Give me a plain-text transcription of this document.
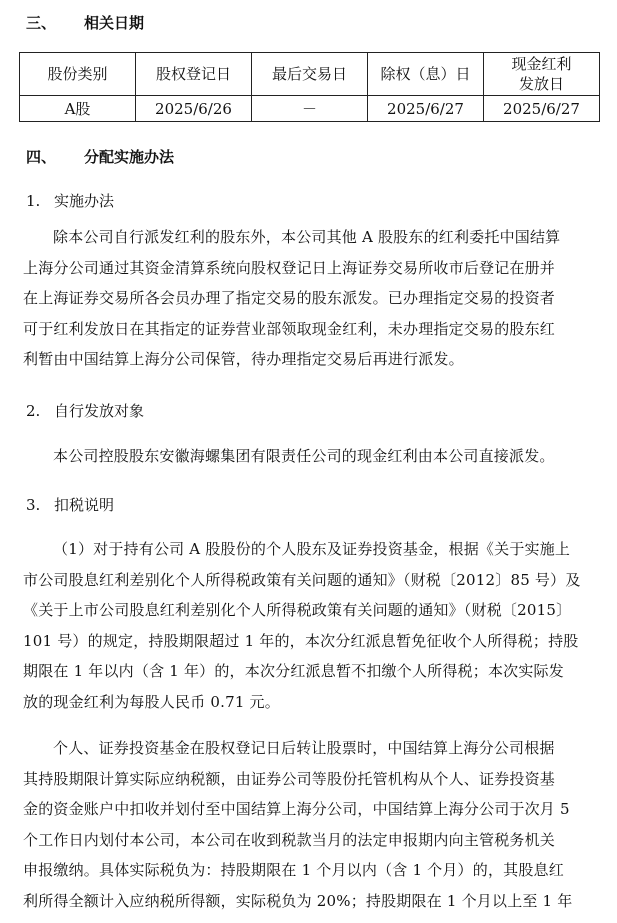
三、 相关日期
股份类别	股权登记日	最后交易日	除权（息）日	现金红利
发放日

A股	2025/6/26	－	2025/6/27	2025/6/27
四、 分配实施办法
1. 实施办法
除本公司自行派发红利的股东外，本公司其他 A 股股东的红利委托中国结算
上海分公司通过其资金清算系统向股权登记日上海证券交易所收市后登记在册并
在上海证券交易所各会员办理了指定交易的股东派发。已办理指定交易的投资者
可于红利发放日在其指定的证券营业部领取现金红利，未办理指定交易的股东红
利暂由中国结算上海分公司保管，待办理指定交易后再进行派发。
2. 自行发放对象
本公司控股股东安徽海螺集团有限责任公司的现金红利由本公司直接派发。
3. 扣税说明
（1）对于持有公司 A 股股份的个人股东及证券投资基金，根据《关于实施上
市公司股息红利差别化个人所得税政策有关问题的通知》（财税〔2012〕85 号）及
《关于上市公司股息红利差别化个人所得税政策有关问题的通知》（财税〔2015〕
101 号）的规定，持股期限超过 1 年的，本次分红派息暂免征收个人所得税；持股
期限在 1 年以内（含 1 年）的，本次分红派息暂不扣缴个人所得税；本次实际发
放的现金红利为每股人民币 0.71 元。
个人、证券投资基金在股权登记日后转让股票时，中国结算上海分公司根据
其持股期限计算实际应纳税额，由证券公司等股份托管机构从个人、证券投资基
金的资金账户中扣收并划付至中国结算上海分公司，中国结算上海分公司于次月 5
个工作日内划付本公司，本公司在收到税款当月的法定申报期内向主管税务机关
申报缴纳。具体实际税负为：持股期限在 1 个月以内（含 1 个月）的，其股息红
利所得全额计入应纳税所得额，实际税负为 20%；持股期限在 1 个月以上至 1 年
